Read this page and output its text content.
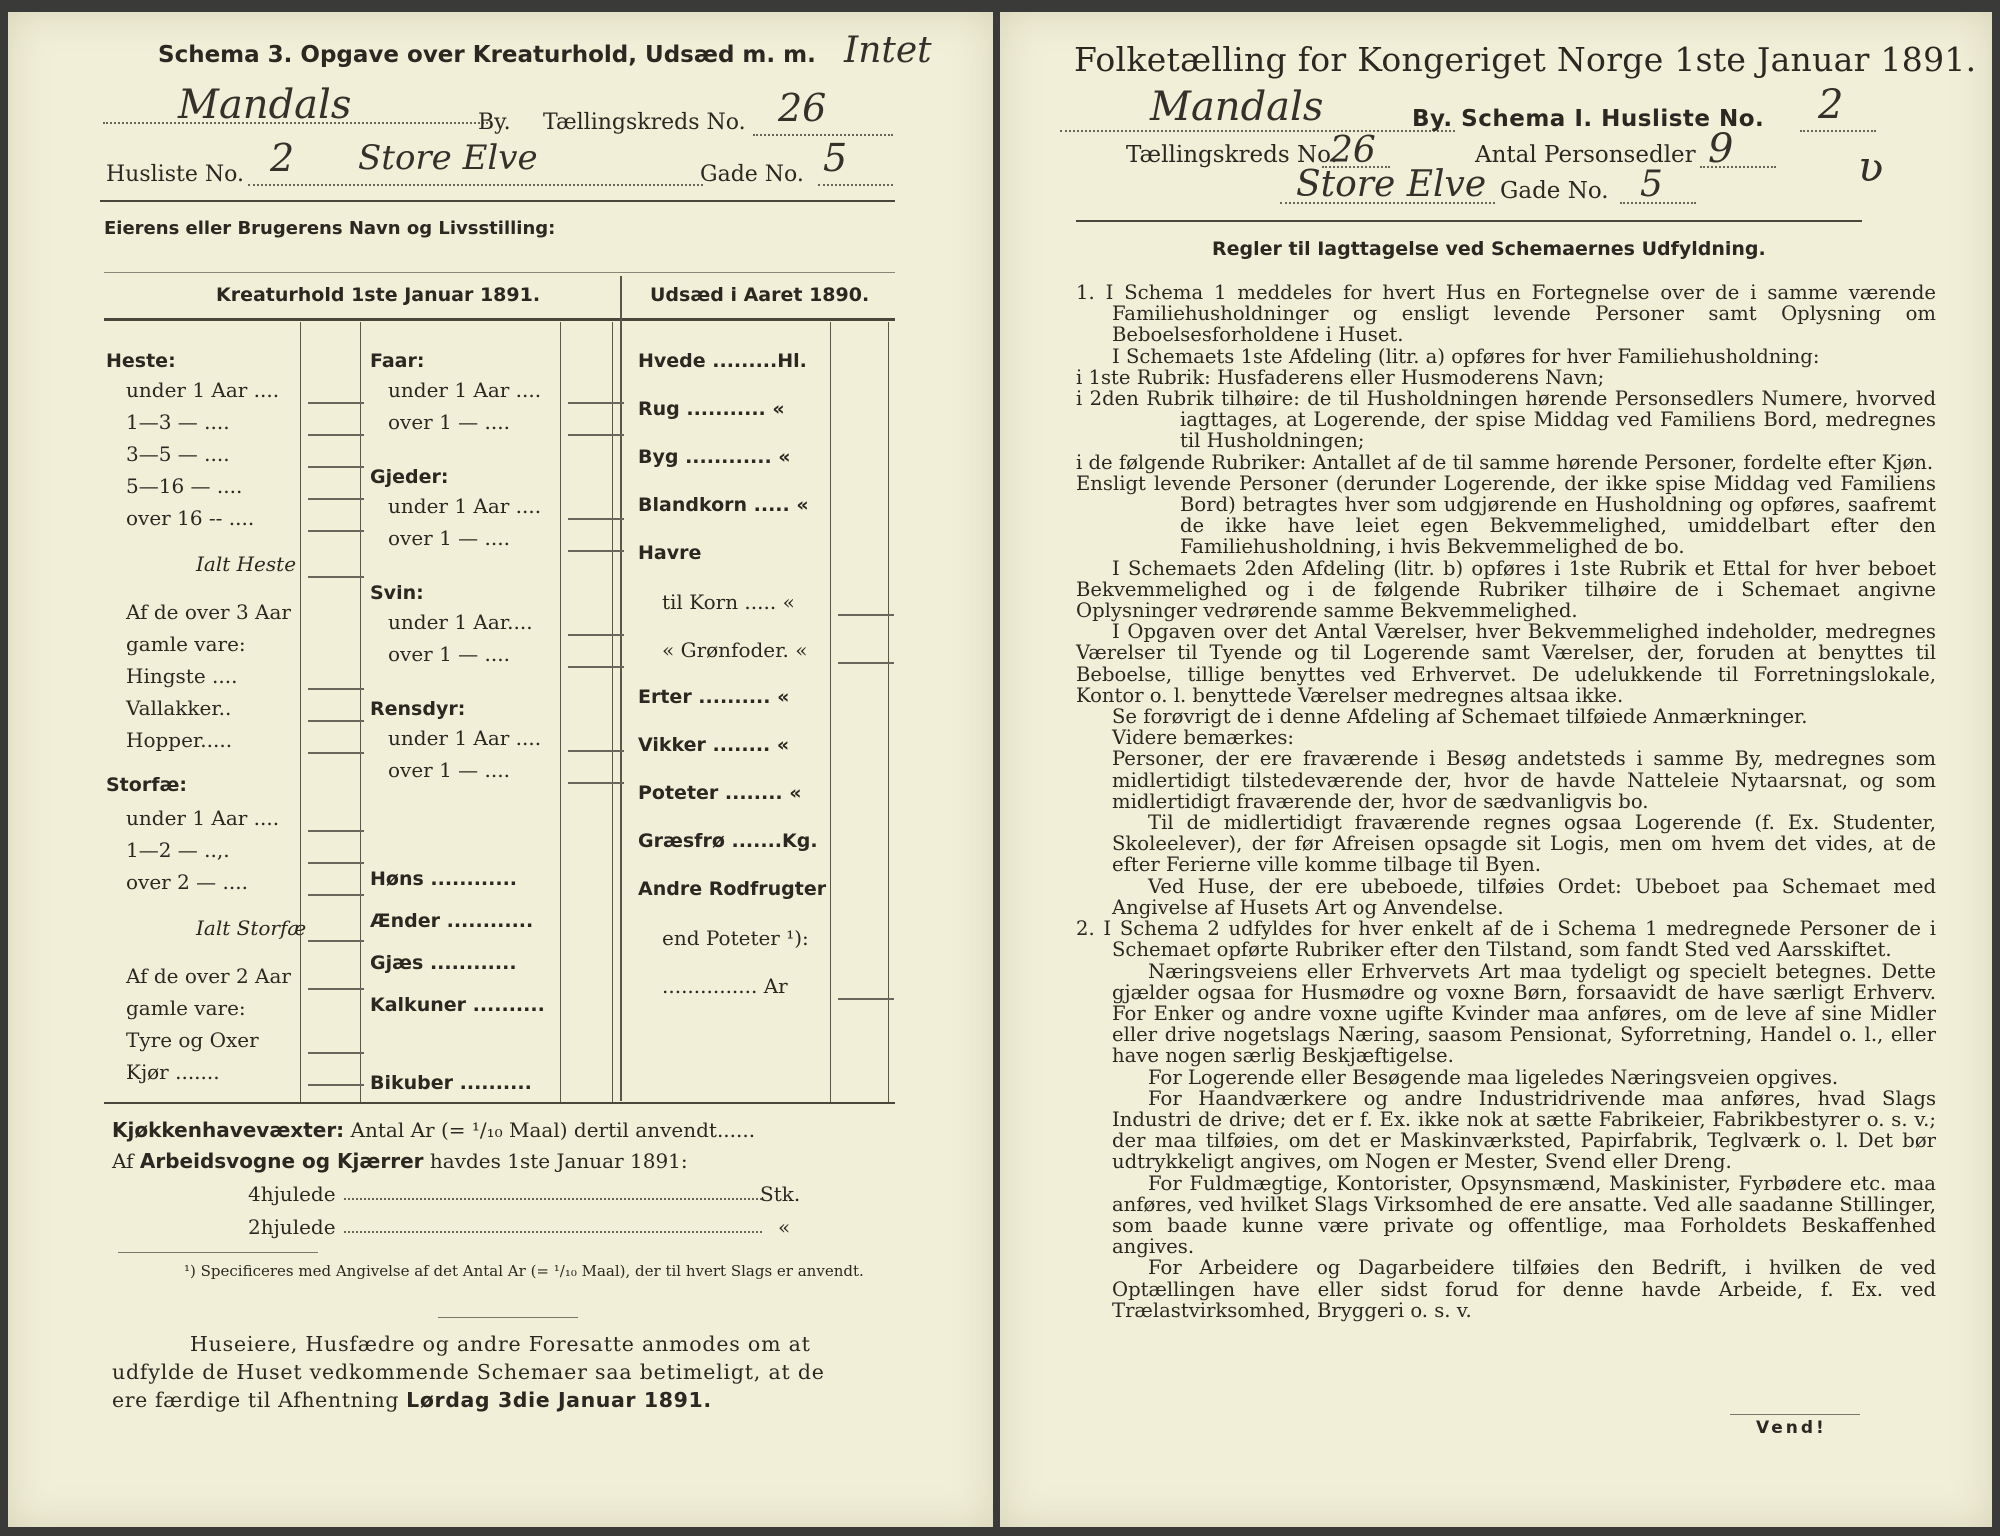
Schema 3. Opgave over Kreaturhold, Udsæd m. m. Intet
Mandals	By. Tællingskreds No. 26
Husliste No. 2 Store Elve	Gade No. 5
Eierens eller Brugerens Navn og Livsstilling:
Kreaturhold 1ste Januar 1891.	Udsæd i Aaret 1890.
Heste:
under 1 Aar ....
1—3 — ....
3—5 — ....
5—16 — ....
over 16 -- ....
Ialt Heste
Af de over 3 Aar
gamle vare:
Hingste ....
Vallakker..
Hopper.....
Storfæ:
under 1 Aar ....
1—2 — ..,.
over 2 — ....
Ialt Storfæ
Af de over 2 Aar
gamle vare:
Tyre og Oxer
Kjør .......
Faar:
under 1 Aar ....
over 1 — ....
Gjeder:
under 1 Aar ....
over 1 — ....
Svin:
under 1 Aar....
over 1 — ....
Rensdyr:
under 1 Aar ....
over 1 — ....
Høns ............
Ænder ............
Gjæs ............
Kalkuner ..........
Bikuber ..........
Hvede .........Hl.
Rug ........... «
Byg ............ «
Blandkorn ..... «
Havre
til Korn ..... «
« Grønfoder. «
Erter .......... «
Vikker ........ «
Poteter ........ «
Græsfrø .......Kg.
Andre Rodfrugter
end Poteter ¹):
............... Ar
Kjøkkenhavevæxter: Antal Ar (= ¹/₁₀ Maal) dertil anvendt......
Af Arbeidsvogne og Kjærrer havdes 1ste Januar 1891:
4hjulede	Stk.
2hjulede	«
¹) Specificeres med Angivelse af det Antal Ar (= ¹/₁₀ Maal), der til hvert Slags er anvendt.
Huseiere, Husfædre og andre Foresatte anmodes om at
udfylde de Huset vedkommende Schemaer saa betimeligt, at de
ere færdige til Afhentning Lørdag 3die Januar 1891.
Folketælling for Kongeriget Norge 1ste Januar 1891.
Mandals	By. Schema I. Husliste No. 2
Tællingskreds No.
26	Antal Personsedler 9	ʋ
Store Elve Gade No. 5
Regler til Iagttagelse ved Schemaernes Udfyldning.

1. I Schema 1 meddeles for hvert Hus en Fortegnelse over de i samme værende Familiehusholdninger og ensligt levende Personer samt Oplysning om Beboelsesforholdene i Huset.

I Schemaets 1ste Afdeling (litr. a) opføres for hver Familiehusholdning:

i 1ste Rubrik: Husfaderens eller Husmoderens Navn;

i 2den Rubrik tilhøire: de til Husholdningen hørende Personsedlers Numere, hvorved iagttages, at Logerende, der spise Middag ved Familiens Bord, medregnes til Husholdningen;

i de følgende Rubriker: Antallet af de til samme hørende Personer, fordelte efter Kjøn.

Ensligt levende Personer (derunder Logerende, der ikke spise Middag ved Familiens Bord) betragtes hver som udgjørende en Husholdning og opføres, saafremt de ikke have leiet egen Bekvemmelighed, umiddelbart efter den Familiehusholdning, i hvis Bekvemmelighed de bo.

I Schemaets 2den Afdeling (litr. b) opføres i 1ste Rubrik et Ettal for hver beboet Bekvemmelighed og i de følgende Rubriker tilhøire de i Schemaet angivne Oplysninger vedrørende samme Bekvemmelighed.

I Opgaven over det Antal Værelser, hver Bekvemmelighed indeholder, medregnes Værelser til Tyende og til Logerende samt Værelser, der, foruden at benyttes til Beboelse, tillige benyttes ved Erhvervet. De udelukkende til Forretningslokale, Kontor o. l. benyttede Værelser medregnes altsaa ikke.

Se forøvrigt de i denne Afdeling af Schemaet tilføiede Anmærkninger.

Videre bemærkes:

Personer, der ere fraværende i Besøg andetsteds i samme By, medregnes som midlertidigt tilstedeværende der, hvor de havde Natteleie Nytaarsnat, og som midlertidigt fraværende der, hvor de sædvanligvis bo.

Til de midlertidigt fraværende regnes ogsaa Logerende (f. Ex. Studenter, Skoleelever), der før Afreisen opsagde sit Logis, men om hvem det vides, at de efter Ferierne ville komme tilbage til Byen.

Ved Huse, der ere ubeboede, tilføies Ordet: Ubeboet paa Schemaet med Angivelse af Husets Art og Anvendelse.

2. I Schema 2 udfyldes for hver enkelt af de i Schema 1 medregnede Personer de i Schemaet opførte Rubriker efter den Tilstand, som fandt Sted ved Aarsskiftet.

Næringsveiens eller Erhvervets Art maa tydeligt og specielt betegnes. Dette gjælder ogsaa for Husmødre og voxne Børn, forsaavidt de have særligt Erhverv. For Enker og andre voxne ugifte Kvinder maa anføres, om de leve af sine Midler eller drive nogetslags Næring, saasom Pensionat, Syforretning, Handel o. l., eller have nogen særlig Beskjæftigelse.

For Logerende eller Besøgende maa ligeledes Næringsveien opgives.

For Haandværkere og andre Industridrivende maa anføres, hvad Slags Industri de drive; det er f. Ex. ikke nok at sætte Fabrikeier, Fabrikbestyrer o. s. v.; der maa tilføies, om det er Maskinværksted, Papirfabrik, Teglværk o. l. Det bør udtrykkeligt angives, om Nogen er Mester, Svend eller Dreng.

For Fuldmægtige, Kontorister, Opsynsmænd, Maskinister, Fyrbødere etc. maa anføres, ved hvilket Slags Virksomhed de ere ansatte. Ved alle saadanne Stillinger, som baade kunne være private og offentlige, maa Forholdets Beskaffenhed angives.

For Arbeidere og Dagarbeidere tilføies den Bedrift, i hvilken de ved Optællingen have eller sidst forud for denne havde Arbeide, f. Ex. ved Trælastvirksomhed, Bryggeri o. s. v.

Vend!
